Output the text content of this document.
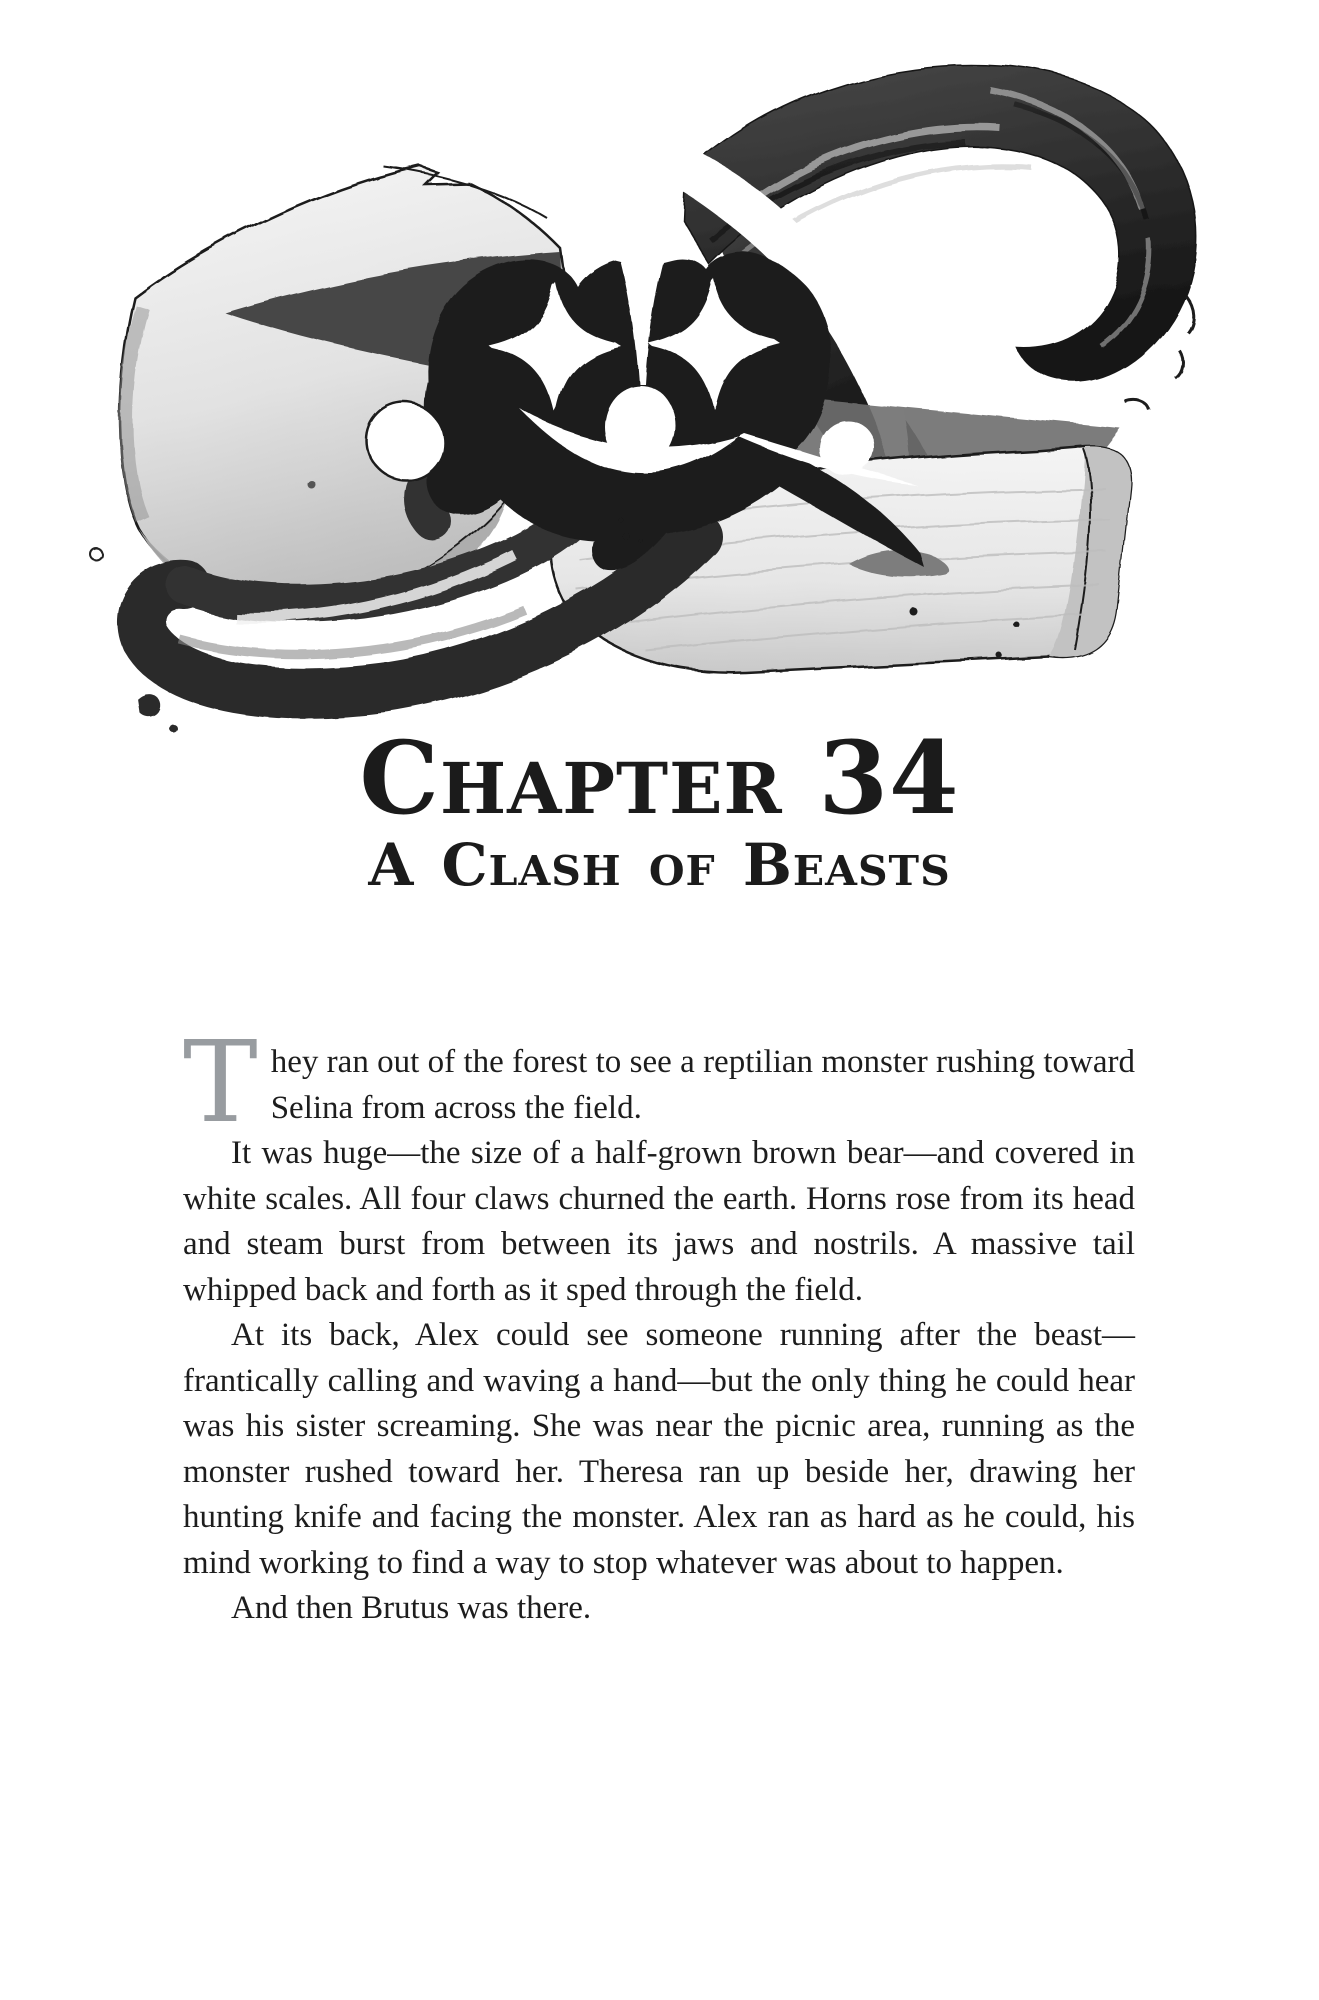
Chapter 34
A Clash of Beasts

They ran out of the forest to see a reptilian monster rushing toward Selina from across the field.

It was huge—the size of a half-grown brown bear—and covered in white scales. All four claws churned the earth. Horns rose from its head and steam burst from between its jaws and nostrils. A massive tail whipped back and forth as it sped through the field.

At its back, Alex could see someone running after the beast—frantically calling and waving a hand—but the only thing he could hear was his sister screaming. She was near the picnic area, running as the monster rushed toward her. Theresa ran up beside her, drawing her hunting knife and facing the monster. Alex ran as hard as he could, his mind working to find a way to stop whatever was about to happen.

And then Brutus was there.
